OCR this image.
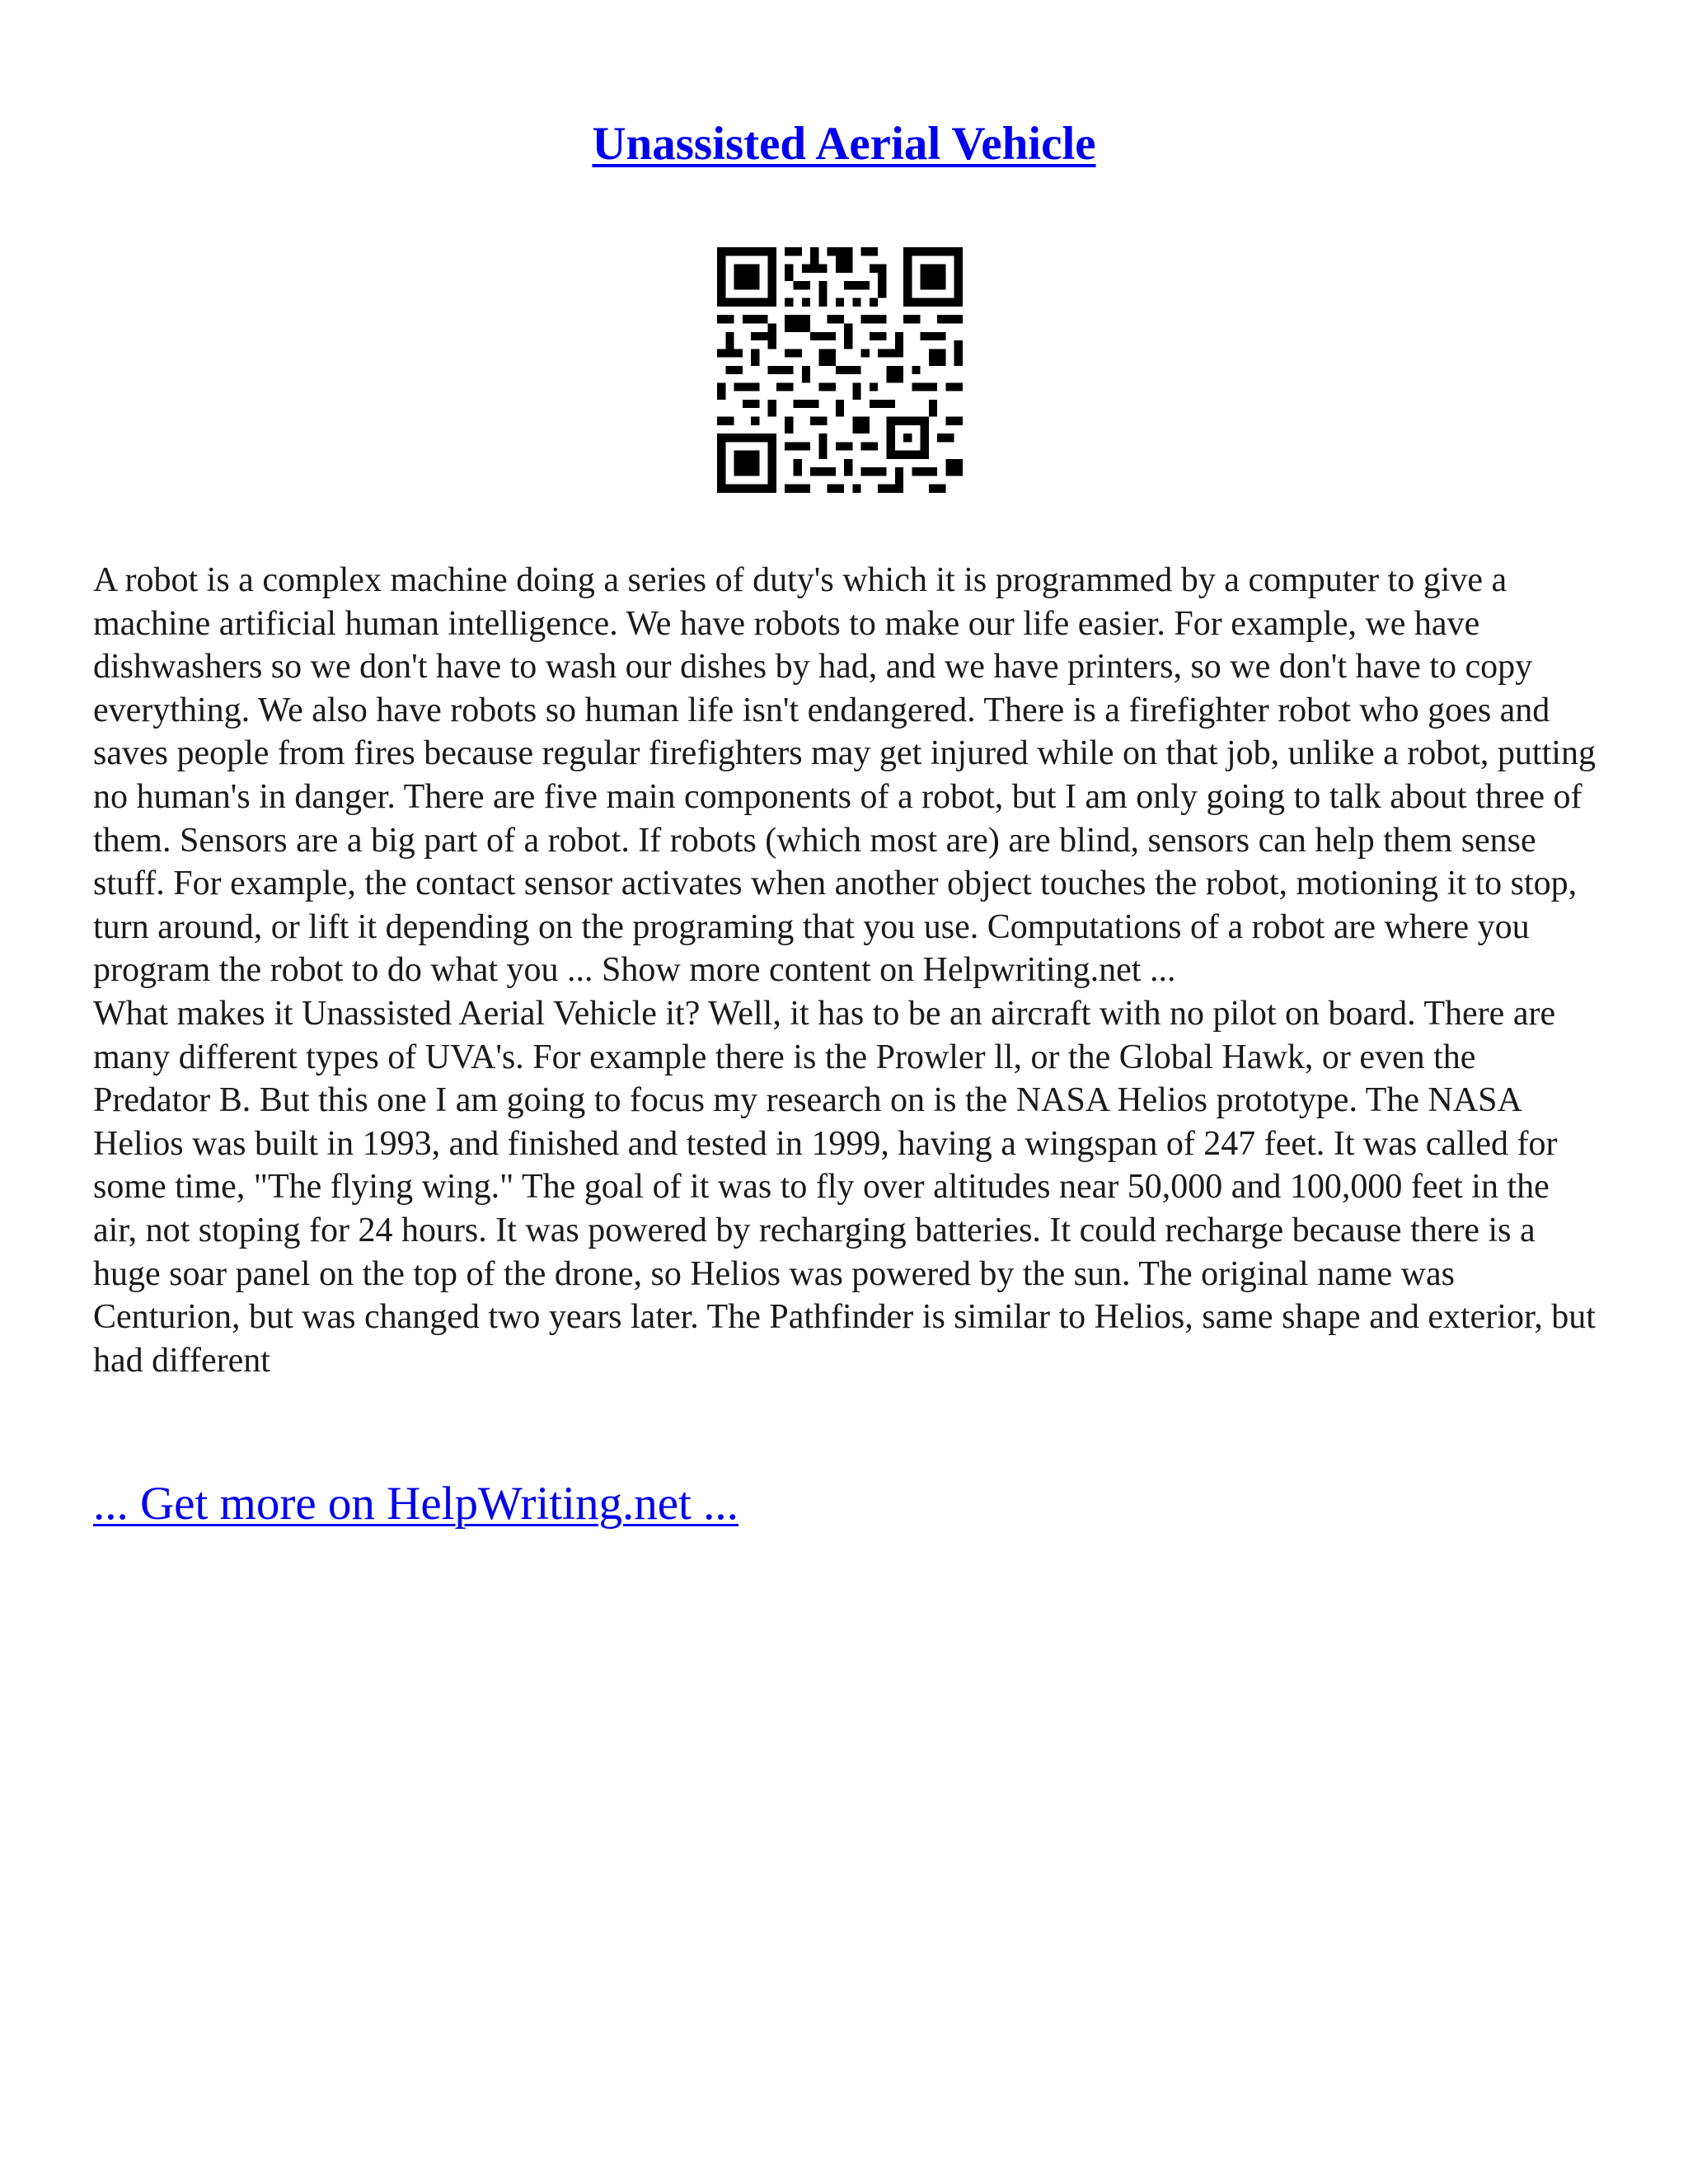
Unassisted Aerial Vehicle

A robot is a complex machine doing a series of duty's which it is programmed by a computer to give a machine artificial human intelligence. We have robots to make our life easier. For example, we have dishwashers so we don't have to wash our dishes by had, and we have printers, so we don't have to copy everything. We also have robots so human life isn't endangered. There is a firefighter robot who goes and saves people from fires because regular firefighters may get injured while on that job, unlike a robot, putting no human's in danger. There are five main components of a robot, but I am only going to talk about three of them. Sensors are a big part of a robot. If robots (which most are) are blind, sensors can help them sense stuff. For example, the contact sensor activates when another object touches the robot, motioning it to stop, turn around, or lift it depending on the programing that you use. Computations of a robot are where you program the robot to do what you ... Show more content on Helpwriting.net ...

What makes it Unassisted Aerial Vehicle it? Well, it has to be an aircraft with no pilot on board. There are many different types of UVA's. For example there is the Prowler ll, or the Global Hawk, or even the Predator B. But this one I am going to focus my research on is the NASA Helios prototype. The NASA Helios was built in 1993, and finished and tested in 1999, having a wingspan of 247 feet. It was called for some time, "The flying wing." The goal of it was to fly over altitudes near 50,000 and 100,000 feet in the air, not stoping for 24 hours. It was powered by recharging batteries. It could recharge because there is a huge soar panel on the top of the drone, so Helios was powered by the sun. The original name was Centurion, but was changed two years later. The Pathfinder is similar to Helios, same shape and exterior, but had different

... Get more on HelpWriting.net ...
